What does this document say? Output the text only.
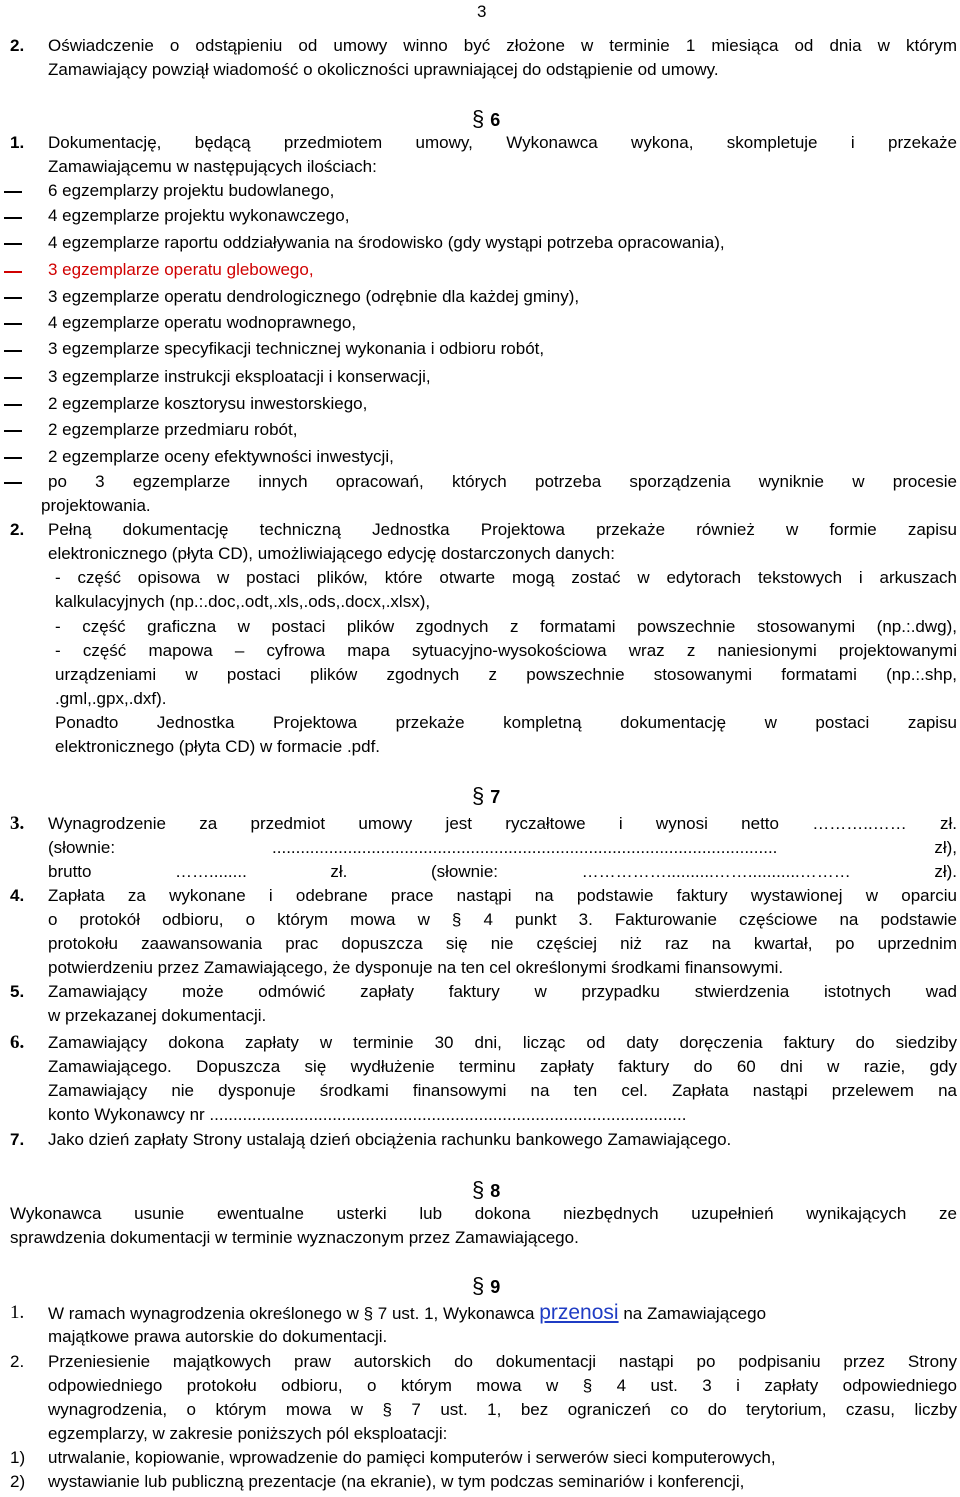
3
2. Oświadczenie o odstąpieniu od umowy winno być złożone w terminie 1 miesiąca od dnia w którym
Zamawiający powziął wiadomość o okoliczności uprawniającej do odstąpienie od umowy.
§ 6
1. Dokumentację, będącą przedmiotem umowy, Wykonawca wykona, skompletuje i przekaże
Zamawiającemu w następujących ilościach:
6 egzemplarzy projektu budowlanego,
4 egzemplarze projektu wykonawczego,
4 egzemplarze raportu oddziaływania na środowisko (gdy wystąpi potrzeba opracowania),
3 egzemplarze operatu glebowego,
3 egzemplarze operatu dendrologicznego (odrębnie dla każdej gminy),
4 egzemplarze operatu wodnoprawnego,
3 egzemplarze specyfikacji technicznej wykonania i odbioru robót,
3 egzemplarze instrukcji eksploatacji i konserwacji,
2 egzemplarze kosztorysu inwestorskiego,
2 egzemplarze przedmiaru robót,
2 egzemplarze oceny efektywności inwestycji,
po 3 egzemplarze innych opracowań, których potrzeba sporządzenia wyniknie w procesie
projektowania.
2. Pełną dokumentację techniczną Jednostka Projektowa przekaże również w formie zapisu
elektronicznego (płyta CD), umożliwiającego edycję dostarczonych danych:
- część opisowa w postaci plików, które otwarte mogą zostać w edytorach tekstowych i arkuszach
kalkulacyjnych (np.:.doc,.odt,.xls,.ods,.docx,.xlsx),
- część graficzna w postaci plików zgodnych z formatami powszechnie stosowanymi (np.:.dwg),
- część mapowa – cyfrowa mapa sytuacyjno-wysokościowa wraz z naniesionymi projektowanymi
urządzeniami w postaci plików zgodnych z powszechnie stosowanymi formatami (np.:.shp,
.gml,.gpx,.dxf).
Ponadto Jednostka Projektowa przekaże kompletną dokumentację w postaci zapisu
elektronicznego (płyta CD) w formacie .pdf.
§ 7
3. Wynagrodzenie za przedmiot umowy jest ryczałtowe i wynosi netto ………..…… zł.
(słownie: ........................................................................................................... zł),
brutto ……........ zł. (słownie: ……………..........……...........……… zł).
4. Zapłata za wykonane i odebrane prace nastąpi na podstawie faktury wystawionej w oparciu
o protokół odbioru, o którym mowa w § 4 punkt 3. Fakturowanie częściowe na podstawie
protokołu zaawansowania prac dopuszcza się nie częściej niż raz na kwartał, po uprzednim
potwierdzeniu przez Zamawiającego, że dysponuje na ten cel określonymi środkami finansowymi.
5. Zamawiający może odmówić zapłaty faktury w przypadku stwierdzenia istotnych wad
w przekazanej dokumentacji.
6. Zamawiający dokona zapłaty w terminie 30 dni, licząc od daty doręczenia faktury do siedziby
Zamawiającego. Dopuszcza się wydłużenie terminu zapłaty faktury do 60 dni w razie, gdy
Zamawiający nie dysponuje środkami finansowymi na ten cel. Zapłata nastąpi przelewem na
konto Wykonawcy nr .....................................................................................................
7. Jako dzień zapłaty Strony ustalają dzień obciążenia rachunku bankowego Zamawiającego.
§ 8
Wykonawca usunie ewentualne usterki lub dokona niezbędnych uzupełnień wynikających ze
sprawdzenia dokumentacji w terminie wyznaczonym przez Zamawiającego.
§ 9
1. W ramach wynagrodzenia określonego w § 7 ust. 1, Wykonawca przenosi na Zamawiającego
majątkowe prawa autorskie do dokumentacji.
2. Przeniesienie majątkowych praw autorskich do dokumentacji nastąpi po podpisaniu przez Strony
odpowiedniego protokołu odbioru, o którym mowa w § 4 ust. 3 i zapłaty odpowiedniego
wynagrodzenia, o którym mowa w § 7 ust. 1, bez ograniczeń co do terytorium, czasu, liczby
egzemplarzy, w zakresie poniższych pól eksploatacji:
1) utrwalanie, kopiowanie, wprowadzenie do pamięci komputerów i serwerów sieci komputerowych,
2) wystawianie lub publiczną prezentacje (na ekranie), w tym podczas seminariów i konferencji,
